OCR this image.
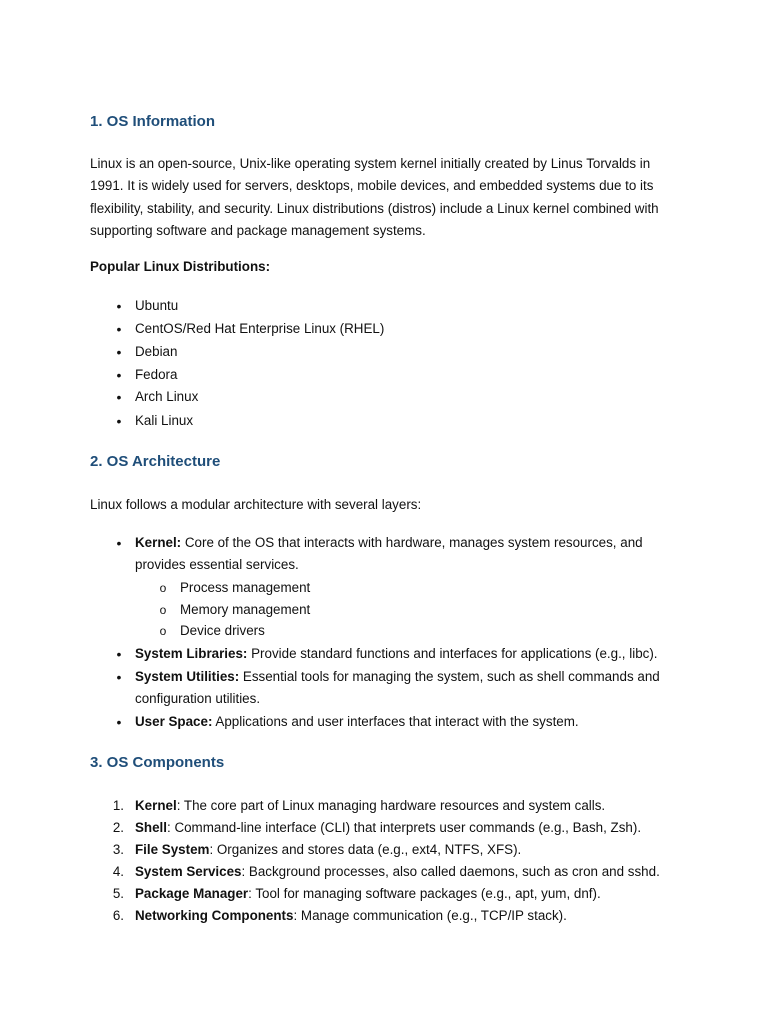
1. OS Information

Linux is an open-source, Unix-like operating system kernel initially created by Linus Torvalds in 1991. It is widely used for servers, desktops, mobile devices, and embedded systems due to its flexibility, stability, and security. Linux distributions (distros) include a Linux kernel combined with supporting software and package management systems.

Popular Linux Distributions:

•	Ubuntu
•	CentOS/Red Hat Enterprise Linux (RHEL)
•	Debian
•	Fedora
•	Arch Linux
•	Kali Linux
2. OS Architecture

Linux follows a modular architecture with several layers:

•	Kernel: Core of the OS that interacts with hardware, manages system resources, and provides essential services.
o Process management
o Memory management
o Device drivers
•	System Libraries: Provide standard functions and interfaces for applications (e.g., libc).
•	System Utilities: Essential tools for managing the system, such as shell commands and configuration utilities.
•	User Space: Applications and user interfaces that interact with the system.
3. OS Components
1. Kernel: The core part of Linux managing hardware resources and system calls.
2. Shell: Command-line interface (CLI) that interprets user commands (e.g., Bash, Zsh).
3. File System: Organizes and stores data (e.g., ext4, NTFS, XFS).
4. System Services: Background processes, also called daemons, such as cron and sshd.
5. Package Manager: Tool for managing software packages (e.g., apt, yum, dnf).
6. Networking Components: Manage communication (e.g., TCP/IP stack).
